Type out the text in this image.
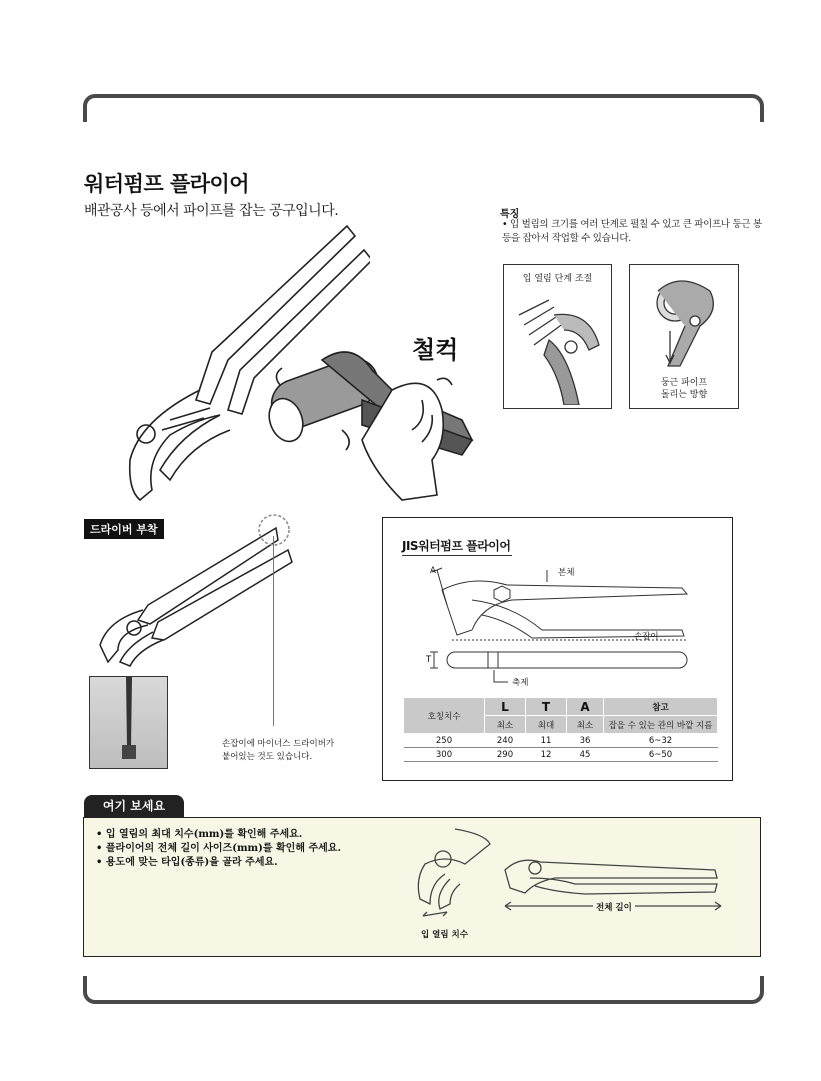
워터펌프 플라이어
배관공사 등에서 파이프를 잡는 공구입니다.
철컥
특징
• 입 벌림의 크기를 여러 단계로 펼칠 수 있고 큰 파이프나 둥근 봉 등을 잡아서 작업할 수 있습니다.
입 열림 단계 조절
둥근 파이프
돌리는 방향
드라이버 부착
손잡이에 마이너스 드라이버가
붙어있는 것도 있습니다.
JIS워터펌프 플라이어
A
T
본체
손잡이
축제
호칭치수	L	T	A	참고
	최소	최대	최소	잡을 수 있는 관의 바깥 지름
250	240	11	36	6~32
300	290	12	45	6~50
여기 보세요
• 입 열림의 최대 치수(mm)를 확인해 주세요.
• 플라이어의 전체 길이 사이즈(mm)를 확인해 주세요.
• 용도에 맞는 타입(종류)을 골라 주세요.
입 열림 치수
전체 길이
